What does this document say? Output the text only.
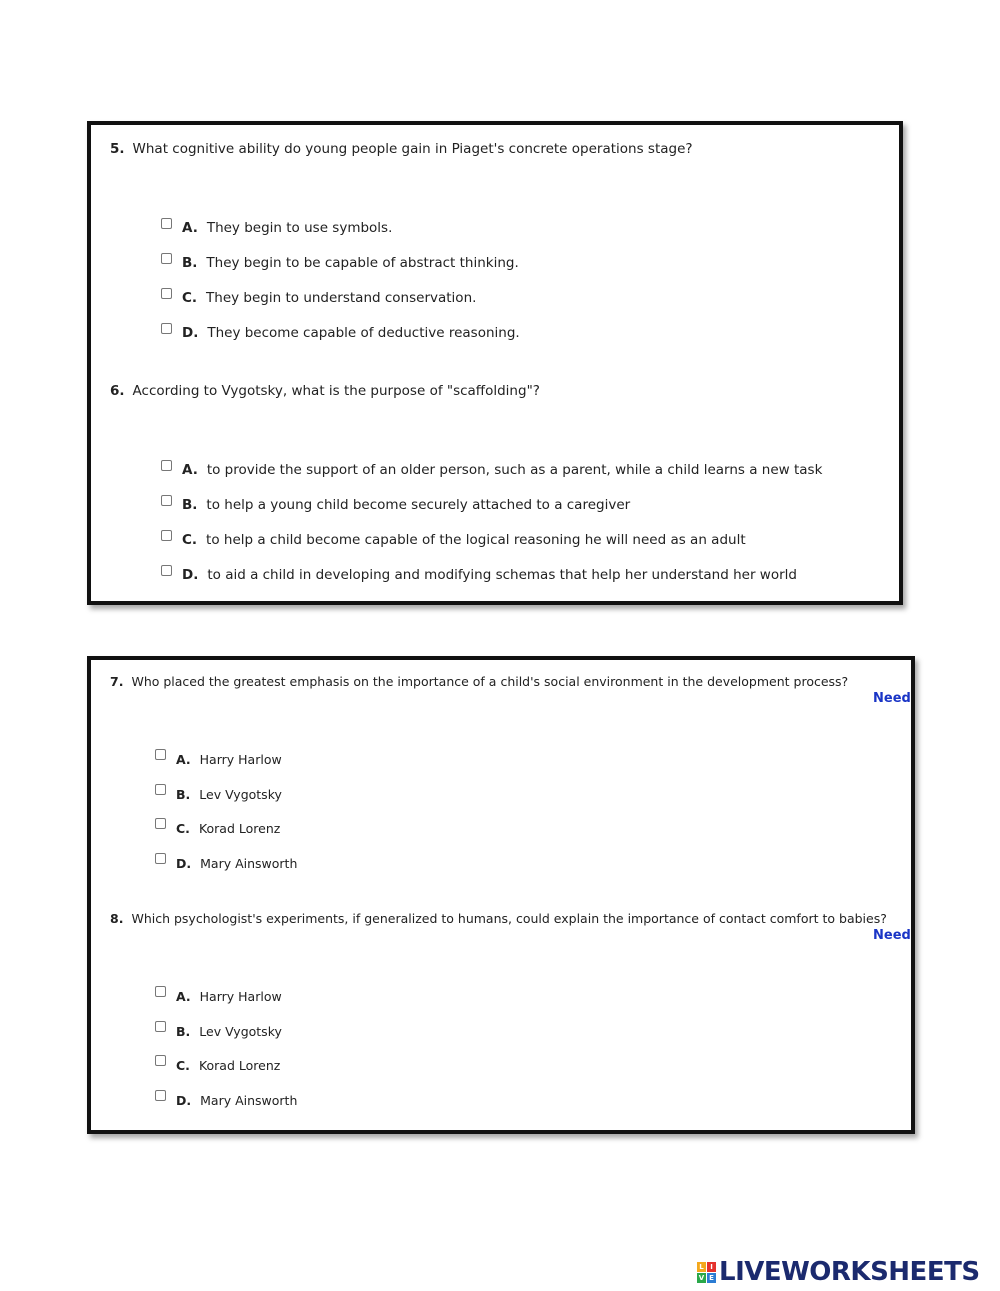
5. What cognitive ability do young people gain in Piaget's concrete operations stage?
A. They begin to use symbols.
B. They begin to be capable of abstract thinking.
C. They begin to understand conservation.
D. They become capable of deductive reasoning.
6. According to Vygotsky, what is the purpose of "scaffolding"?
A. to provide the support of an older person, such as a parent, while a child learns a new task
B. to help a young child become securely attached to a caregiver
C. to help a child become capable of the logical reasoning he will need as an adult
D. to aid a child in developing and modifying schemas that help her understand her world
7. Who placed the greatest emphasis on the importance of a child's social environment in the development process?
Need
A. Harry Harlow
B. Lev Vygotsky
C. Korad Lorenz
D. Mary Ainsworth
8. Which psychologist's experiments, if generalized to humans, could explain the importance of contact comfort to babies?
Need
A. Harry Harlow
B. Lev Vygotsky
C. Korad Lorenz
D. Mary Ainsworth
L I
V E LIVEWORKSHEETS
